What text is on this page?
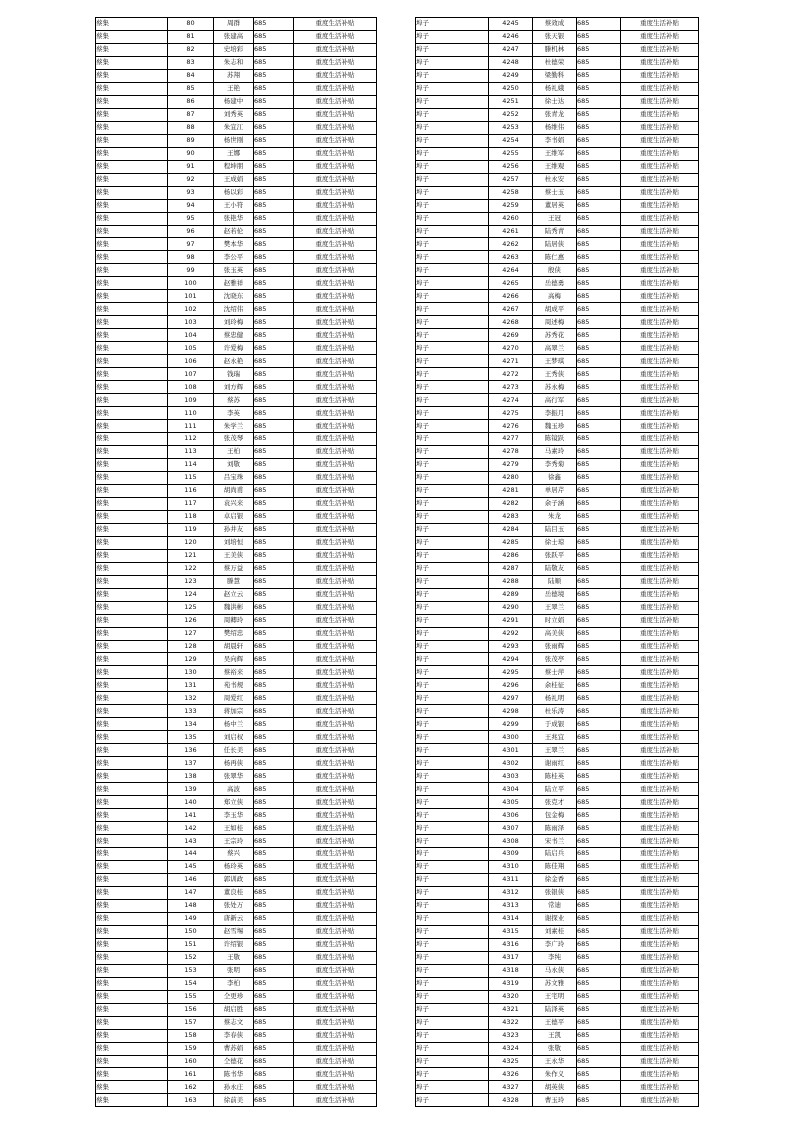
蔡集	80	周群	685	重度生活补贴
蔡集	81	张建高	685	重度生活补贴
蔡集	82	史培彩	685	重度生活补贴
蔡集	83	朱志和	685	重度生活补贴
蔡集	84	苏翔	685	重度生活补贴
蔡集	85	王艳	685	重度生活补贴
蔡集	86	杨建中	685	重度生活补贴
蔡集	87	刘秀英	685	重度生活补贴
蔡集	88	朱宜江	685	重度生活补贴
蔡集	89	杨世刚	685	重度生活补贴
蔡集	90	王娜	685	重度生活补贴
蔡集	91	程坤朋	685	重度生活补贴
蔡集	92	王成娟	685	重度生活补贴
蔡集	93	杨以彩	685	重度生活补贴
蔡集	94	王小符	685	重度生活补贴
蔡集	95	张艳华	685	重度生活补贴
蔡集	96	赵若伦	685	重度生活补贴
蔡集	97	樊本华	685	重度生活补贴
蔡集	98	李公平	685	重度生活补贴
蔡集	99	张玉英	685	重度生活补贴
蔡集	100	赵雅祥	685	重度生活补贴
蔡集	101	沈晓东	685	重度生活补贴
蔡集	102	沈绍伟	685	重度生活补贴
蔡集	103	刘玲梅	685	重度生活补贴
蔡集	104	蔡忠健	685	重度生活补贴
蔡集	105	许爱梅	685	重度生活补贴
蔡集	106	赵永艳	685	重度生活补贴
蔡集	107	钱瑞	685	重度生活补贴
蔡集	108	刘方辉	685	重度生活补贴
蔡集	109	蔡苏	685	重度生活补贴
蔡集	110	李英	685	重度生活补贴
蔡集	111	朱学兰	685	重度生活补贴
蔡集	112	张茂琴	685	重度生活补贴
蔡集	113	王柏	685	重度生活补贴
蔡集	114	刘敬	685	重度生活补贴
蔡集	115	吕宝珠	685	重度生活补贴
蔡集	116	胡尚甫	685	重度生活补贴
蔡集	117	袁兴来	685	重度生活补贴
蔡集	118	卓启银	685	重度生活补贴
蔡集	119	孙井友	685	重度生活补贴
蔡集	120	刘培恒	685	重度生活补贴
蔡集	121	王美侠	685	重度生活补贴
蔡集	122	蔡万益	685	重度生活补贴
蔡集	123	滕慧	685	重度生活补贴
蔡集	124	赵立云	685	重度生活补贴
蔡集	125	魏洪彬	685	重度生活补贴
蔡集	126	周卿玲	685	重度生活补贴
蔡集	127	樊绍忠	685	重度生活补贴
蔡集	128	胡晨轩	685	重度生活补贴
蔡集	129	吴向辉	685	重度生活补贴
蔡集	130	蔡裕来	685	重度生活补贴
蔡集	131	苑书规	685	重度生活补贴
蔡集	132	周爱红	685	重度生活补贴
蔡集	133	蒋加宗	685	重度生活补贴
蔡集	134	杨中兰	685	重度生活补贴
蔡集	135	刘启权	685	重度生活补贴
蔡集	136	任长美	685	重度生活补贴
蔡集	137	杨再侠	685	重度生活补贴
蔡集	138	张翠华	685	重度生活补贴
蔡集	139	高波	685	重度生活补贴
蔡集	140	郑立侠	685	重度生活补贴
蔡集	141	李玉华	685	重度生活补贴
蔡集	142	王如桂	685	重度生活补贴
蔡集	143	王宗玲	685	重度生活补贴
蔡集	144	蔡兴	685	重度生活补贴
蔡集	145	杨玲英	685	重度生活补贴
蔡集	146	郭训政	685	重度生活补贴
蔡集	147	董良桂	685	重度生活补贴
蔡集	148	张处万	685	重度生活补贴
蔡集	149	唐新云	685	重度生活补贴
蔡集	150	赵雪埸	685	重度生活补贴
蔡集	151	许绍银	685	重度生活补贴
蔡集	152	王敬	685	重度生活补贴
蔡集	153	张明	685	重度生活补贴
蔡集	154	李柏	685	重度生活补贴
蔡集	155	仝更珍	685	重度生活补贴
蔡集	156	胡启胜	685	重度生活补贴
蔡集	157	蔡志文	685	重度生活补贴
蔡集	158	李春侠	685	重度生活补贴
蔡集	159	曹苏娟	685	重度生活补贴
蔡集	160	仝德花	685	重度生活补贴
蔡集	161	陈书华	685	重度生活补贴
蔡集	162	孙永庄	685	重度生活补贴
蔡集	163	徐前美	685	重度生活补贴
埠子	4245	蔡效成	685	重度生活补贴
埠子	4246	张天银	685	重度生活补贴
埠子	4247	滕机林	685	重度生活补贴
埠子	4248	杜德荣	685	重度生活补贴
埠子	4249	梁勤科	685	重度生活补贴
埠子	4250	杨礼娥	685	重度生活补贴
埠子	4251	徐士达	685	重度生活补贴
埠子	4252	张青龙	685	重度生活补贴
埠子	4253	杨维伟	685	重度生活补贴
埠子	4254	李书娟	685	重度生活补贴
埠子	4255	王维军	685	重度生活补贴
埠子	4256	王维观	685	重度生活补贴
埠子	4257	杜永安	685	重度生活补贴
埠子	4258	蔡士玉	685	重度生活补贴
埠子	4259	董居英	685	重度生活补贴
埠子	4260	王冠	685	重度生活补贴
埠子	4261	陆秀青	685	重度生活补贴
埠子	4262	陆居侠	685	重度生活补贴
埠子	4263	陈仁惠	685	重度生活补贴
埠子	4264	殷侠	685	重度生活补贴
埠子	4265	岳德勇	685	重度生活补贴
埠子	4266	高梅	685	重度生活补贴
埠子	4267	胡成平	685	重度生活补贴
埠子	4268	周述梅	685	重度生活补贴
埠子	4269	苏秀花	685	重度生活补贴
埠子	4270	高翠兰	685	重度生活补贴
埠子	4271	王梦琪	685	重度生活补贴
埠子	4272	王秀侠	685	重度生活补贴
埠子	4273	苏永梅	685	重度生活补贴
埠子	4274	高行军	685	重度生活补贴
埠子	4275	李振月	685	重度生活补贴
埠子	4276	魏玉珍	685	重度生活补贴
埠子	4277	陈镜跃	685	重度生活补贴
埠子	4278	马素玲	685	重度生活补贴
埠子	4279	李秀菊	685	重度生活补贴
埠子	4280	徐鑫	685	重度生活补贴
埠子	4281	单居芹	685	重度生活补贴
埠子	4282	余子涵	685	重度生活补贴
埠子	4283	朱龙	685	重度生活补贴
埠子	4284	陆目玉	685	重度生活补贴
埠子	4285	徐士琼	685	重度生活补贴
埠子	4286	张跃平	685	重度生活补贴
埠子	4287	陆敬友	685	重度生活补贴
埠子	4288	陆顺	685	重度生活补贴
埠子	4289	岳德境	685	重度生活补贴
埠子	4290	王翠兰	685	重度生活补贴
埠子	4291	时立娟	685	重度生活补贴
埠子	4292	高美侠	685	重度生活补贴
埠子	4293	张雨辉	685	重度生活补贴
埠子	4294	张茂亭	685	重度生活补贴
埠子	4295	蔡士萍	685	重度生活补贴
埠子	4296	余桂征	685	重度生活补贴
埠子	4297	杨礼明	685	重度生活补贴
埠子	4298	杜乐涛	685	重度生活补贴
埠子	4299	于成银	685	重度生活补贴
埠子	4300	王兆宜	685	重度生活补贴
埠子	4301	王翠兰	685	重度生活补贴
埠子	4302	谢雨红	685	重度生活补贴
埠子	4303	陈桂英	685	重度生活补贴
埠子	4304	陆立平	685	重度生活补贴
埠子	4305	张克才	685	重度生活补贴
埠子	4306	包金梅	685	重度生活补贴
埠子	4307	陈雨泽	685	重度生活补贴
埠子	4308	宋书兰	685	重度生活补贴
埠子	4309	陆启兵	685	重度生活补贴
埠子	4310	陈佳翔	685	重度生活补贴
埠子	4311	徐金香	685	重度生活补贴
埠子	4312	张银侠	685	重度生活补贴
埠子	4313	常迪	685	重度生活补贴
埠子	4314	谢探业	685	重度生活补贴
埠子	4315	刘素桂	685	重度生活补贴
埠子	4316	李广玲	685	重度生活补贴
埠子	4317	李纯	685	重度生活补贴
埠子	4318	马永侠	685	重度生活补贴
埠子	4319	苏文雅	685	重度生活补贴
埠子	4320	王宅明	685	重度生活补贴
埠子	4321	陆泽英	685	重度生活补贴
埠子	4322	王德平	685	重度生活补贴
埠子	4323	王凯	685	重度生活补贴
埠子	4324	张敬	685	重度生活补贴
埠子	4325	王永华	685	重度生活补贴
埠子	4326	朱作义	685	重度生活补贴
埠子	4327	胡英侠	685	重度生活补贴
埠子	4328	曹玉玲	685	重度生活补贴
